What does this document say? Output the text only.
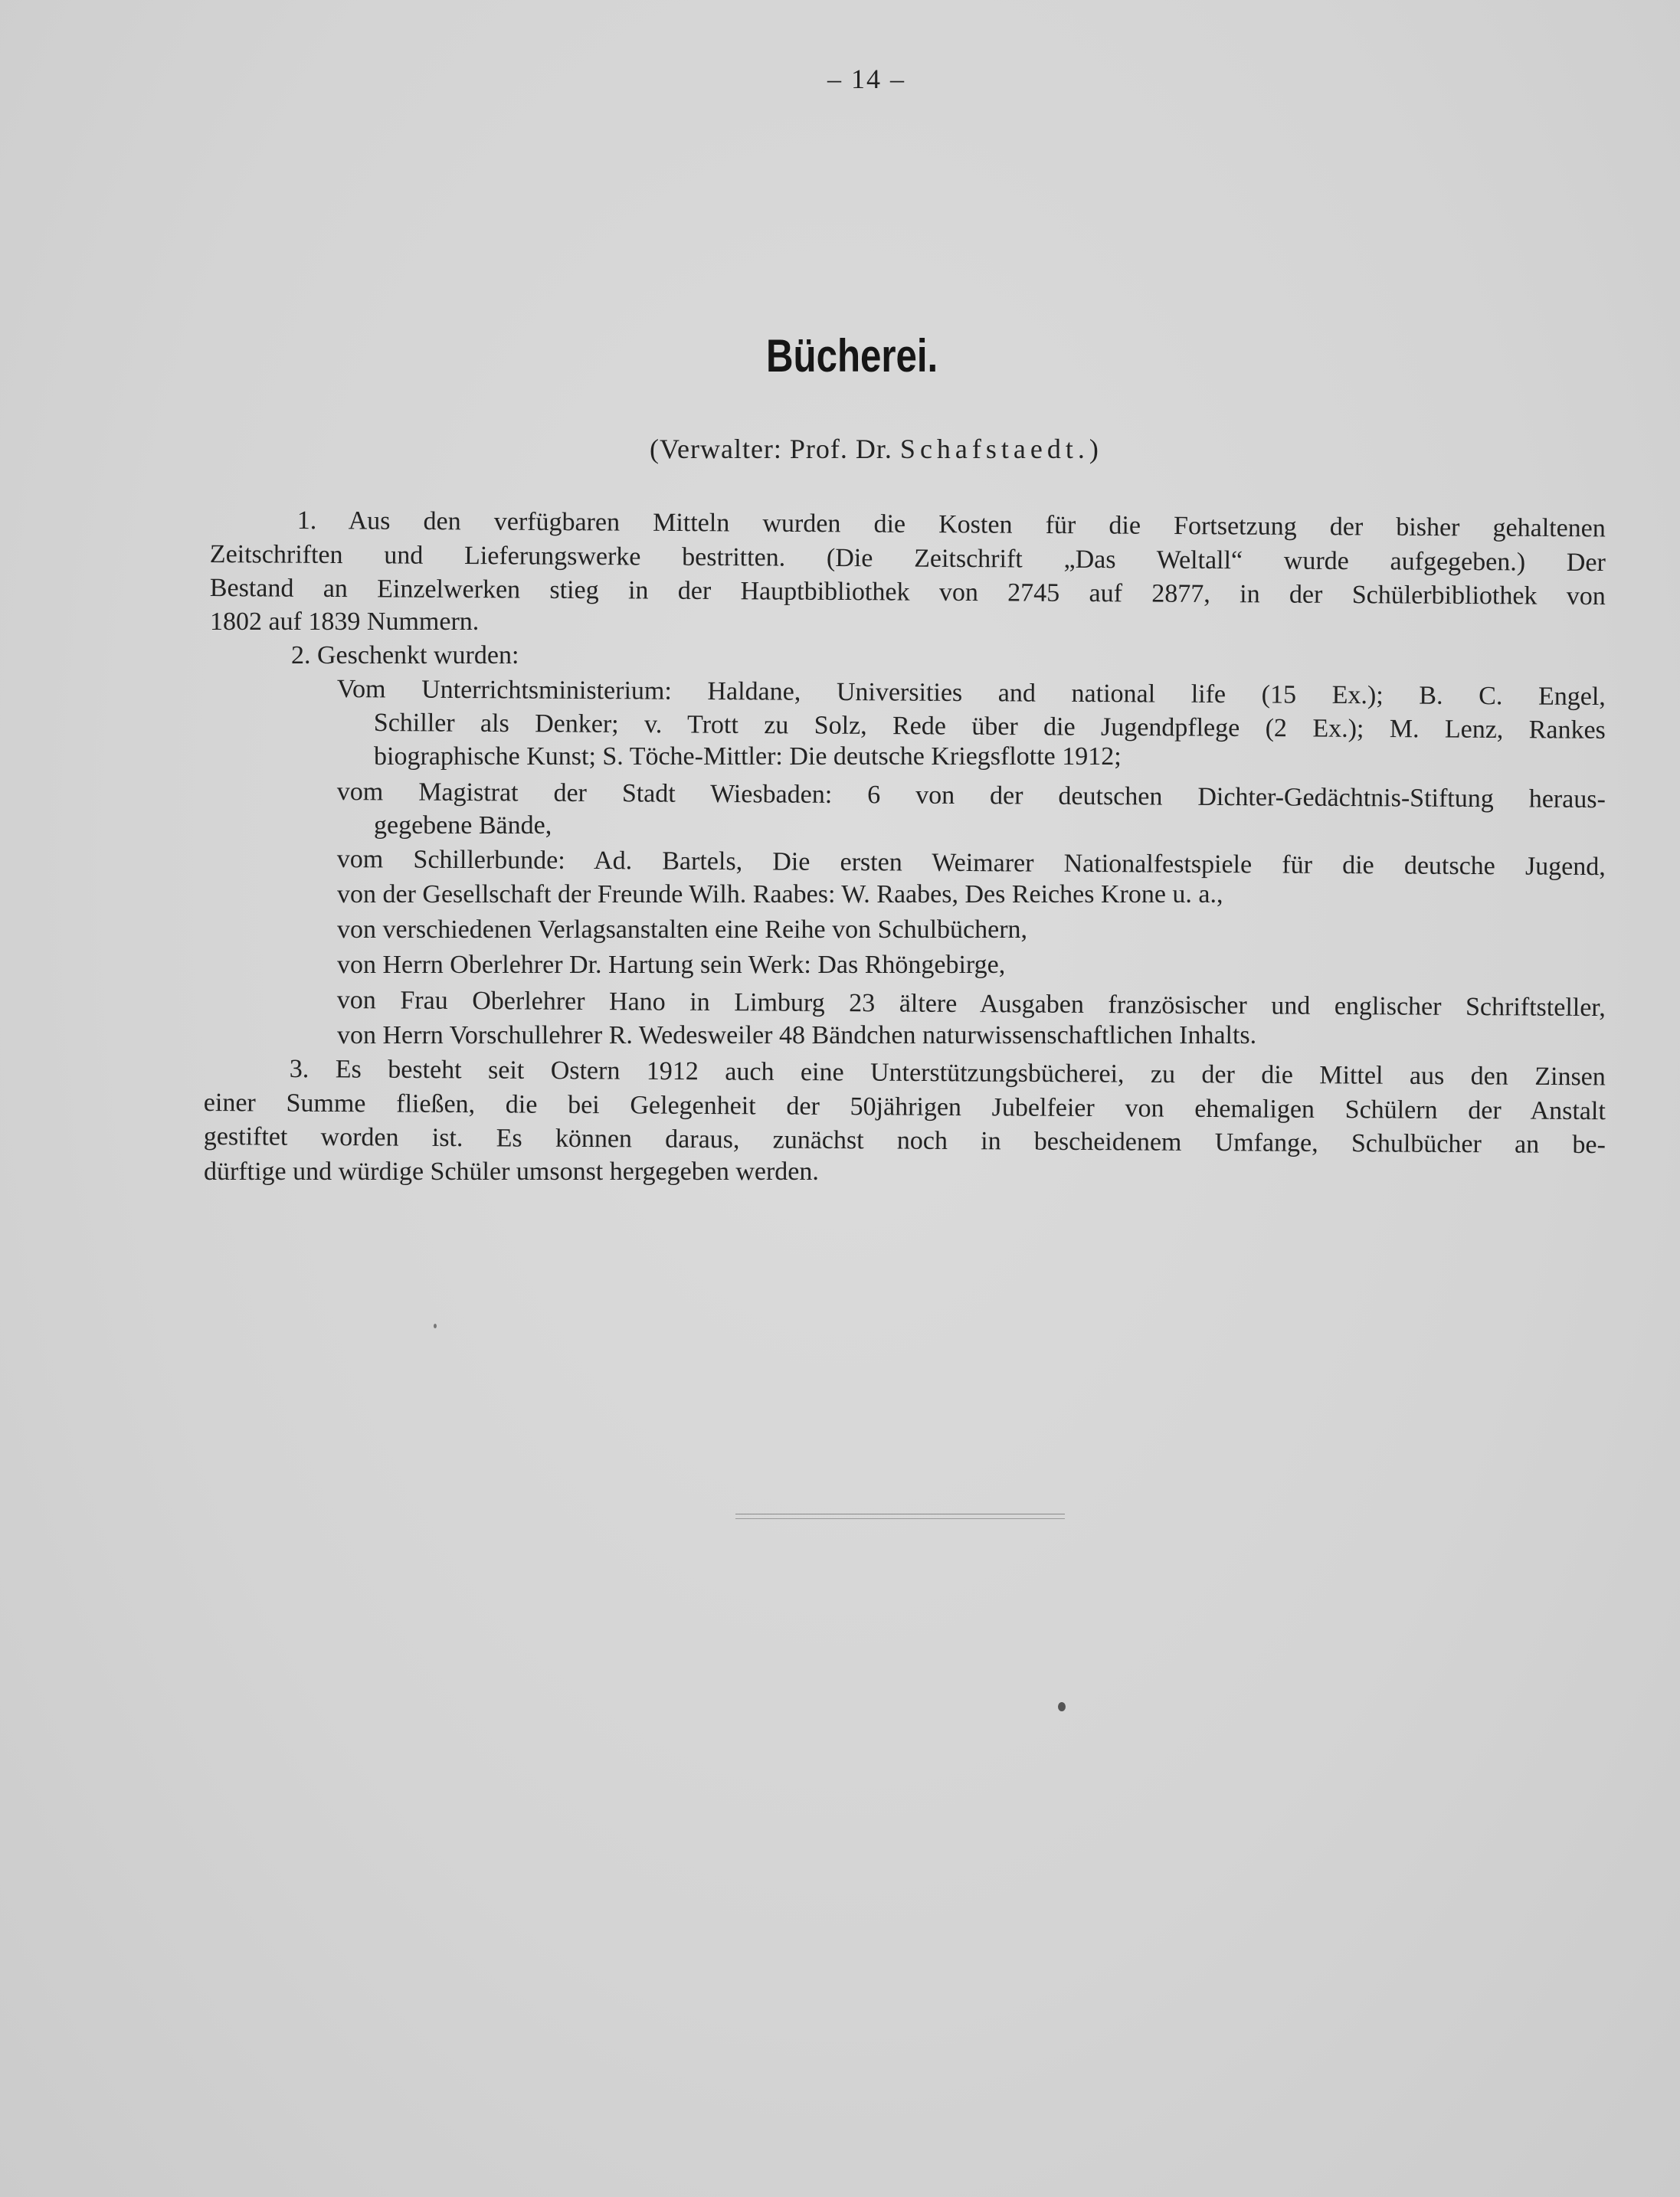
– 14 –
Bücherei.
(Verwalter: Prof. Dr. Schafstaedt.)
1. Aus den verfügbaren Mitteln wurden die Kosten für die Fortsetzung der bisher gehaltenen
Zeitschriften und Lieferungswerke bestritten. (Die Zeitschrift „Das Weltall“ wurde aufgegeben.) Der
Bestand an Einzelwerken stieg in der Hauptbibliothek von 2745 auf 2877, in der Schülerbibliothek von
1802 auf 1839 Nummern.
2. Geschenkt wurden:
Vom Unterrichtsministerium: Haldane, Universities and national life (15 Ex.); B. C. Engel,
Schiller als Denker; v. Trott zu Solz, Rede über die Jugendpflege (2 Ex.); M. Lenz, Rankes
biographische Kunst; S. Töche-Mittler: Die deutsche Kriegsflotte 1912;
vom Magistrat der Stadt Wiesbaden: 6 von der deutschen Dichter-Gedächtnis-Stiftung heraus-
gegebene Bände,
vom Schillerbunde: Ad. Bartels, Die ersten Weimarer Nationalfestspiele für die deutsche Jugend,
von der Gesellschaft der Freunde Wilh. Raabes: W. Raabes, Des Reiches Krone u. a.,
von verschiedenen Verlagsanstalten eine Reihe von Schulbüchern,
von Herrn Oberlehrer Dr. Hartung sein Werk: Das Rhöngebirge,
von Frau Oberlehrer Hano in Limburg 23 ältere Ausgaben französischer und englischer Schriftsteller,
von Herrn Vorschullehrer R. Wedesweiler 48 Bändchen naturwissenschaftlichen Inhalts.
3. Es besteht seit Ostern 1912 auch eine Unterstützungsbücherei, zu der die Mittel aus den Zinsen
einer Summe fließen, die bei Gelegenheit der 50jährigen Jubelfeier von ehemaligen Schülern der Anstalt
gestiftet worden ist. Es können daraus, zunächst noch in bescheidenem Umfange, Schulbücher an be-
dürftige und würdige Schüler umsonst hergegeben werden.
